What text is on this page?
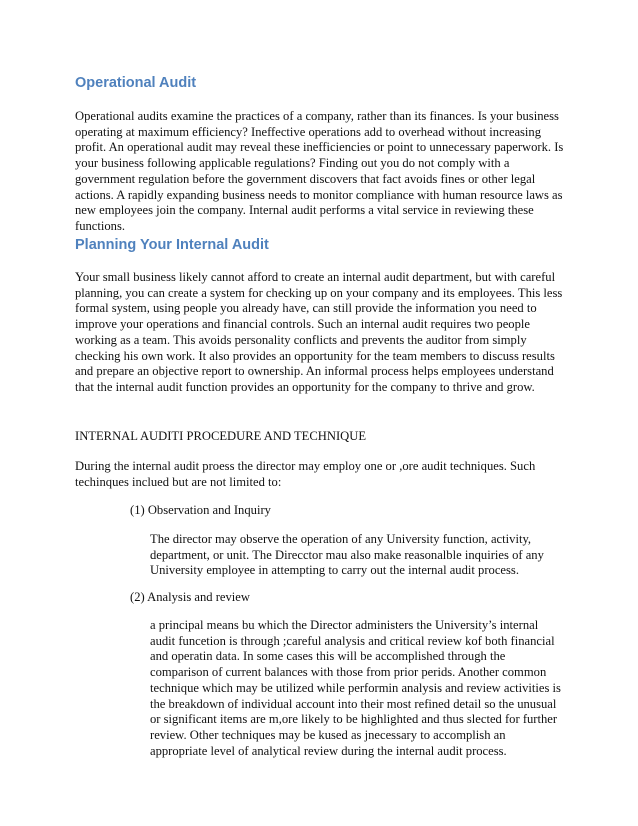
Operational Audit
Operational audits examine the practices of a company, rather than its finances. Is your business
operating at maximum efficiency? Ineffective operations add to overhead without increasing
profit. An operational audit may reveal these inefficiencies or point to unnecessary paperwork. Is
your business following applicable regulations? Finding out you do not comply with a
government regulation before the government discovers that fact avoids fines or other legal
actions. A rapidly expanding business needs to monitor compliance with human resource laws as
new employees join the company. Internal audit performs a vital service in reviewing these
functions.
Planning Your Internal Audit
Your small business likely cannot afford to create an internal audit department, but with careful
planning, you can create a system for checking up on your company and its employees. This less
formal system, using people you already have, can still provide the information you need to
improve your operations and financial controls. Such an internal audit requires two people
working as a team. This avoids personality conflicts and prevents the auditor from simply
checking his own work. It also provides an opportunity for the team members to discuss results
and prepare an objective report to ownership. An informal process helps employees understand
that the internal audit function provides an opportunity for the company to thrive and grow.
INTERNAL AUDITI PROCEDURE AND TECHNIQUE
During the internal audit proess the director may employ one or ,ore audit techniques. Such
techinques inclued but are not limited to:
(1) Observation and Inquiry
The director may observe the operation of any University function, activity,
department, or unit. The Direcctor mau also make reasonalble inquiries of any
University employee in attempting to carry out the internal audit process.
(2) Analysis and review
a principal means bu which the Director administers the University’s internal
audit funcetion is through ;careful analysis and critical review kof both financial
and operatin data. In some cases this will be accomplished through the
comparison of current balances with those from prior perids. Another common
technique which may be utilized while performin analysis and review activities is
the breakdown of individual account into their most refined detail so the unusual
or significant items are m,ore likely to be highlighted and thus slected for further
review. Other techniques may be kused as jnecessary to accomplish an
appropriate level of analytical review during the internal audit process.
